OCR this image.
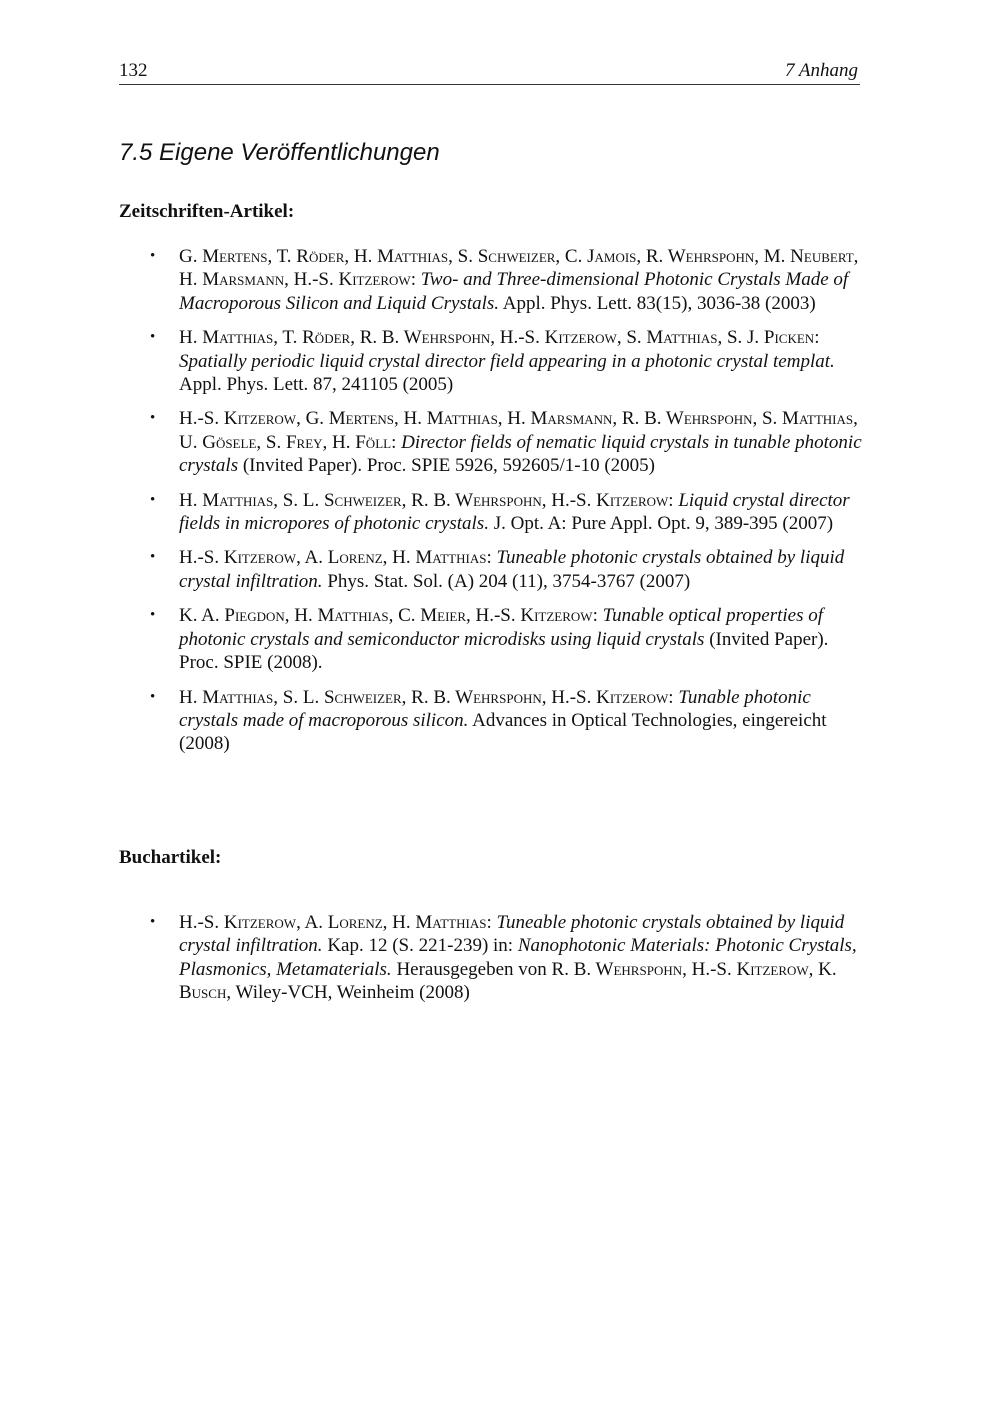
132	7 Anhang
7.5 Eigene Veröffentlichungen
Zeitschriften-Artikel:
• G. Mertens, T. Röder, H. Matthias, S. Schweizer, C. Jamois, R. Wehrspohn, M. Neubert, H. Marsmann, H.-S. Kitzerow: Two- and Three-dimensional Photonic Crystals Made of Macroporous Silicon and Liquid Crystals. Appl. Phys. Lett. 83(15), 3036-38 (2003)
• H. Matthias, T. Röder, R. B. Wehrspohn, H.-S. Kitzerow, S. Matthias, S. J. Picken: Spatially periodic liquid crystal director field appearing in a photonic crystal templat. Appl. Phys. Lett. 87, 241105 (2005)
• H.-S. Kitzerow, G. Mertens, H. Matthias, H. Marsmann, R. B. Wehrspohn, S. Matthias, U. Gösele, S. Frey, H. Föll: Director fields of nematic liquid crystals in tunable photonic crystals (Invited Paper). Proc. SPIE 5926, 592605/1-10 (2005)
• H. Matthias, S. L. Schweizer, R. B. Wehrspohn, H.-S. Kitzerow: Liquid crystal director fields in micropores of photonic crystals. J. Opt. A: Pure Appl. Opt. 9, 389-395 (2007)
• H.-S. Kitzerow, A. Lorenz, H. Matthias: Tuneable photonic crystals obtained by liquid crystal infiltration. Phys. Stat. Sol. (A) 204 (11), 3754-3767 (2007)
• K. A. Piegdon, H. Matthias, C. Meier, H.-S. Kitzerow: Tunable optical properties of photonic crystals and semiconductor microdisks using liquid crystals (Invited Paper). Proc. SPIE (2008).
• H. Matthias, S. L. Schweizer, R. B. Wehrspohn, H.-S. Kitzerow: Tunable photonic crystals made of macroporous silicon. Advances in Optical Technologies, eingereicht (2008)
Buchartikel:
• H.-S. Kitzerow, A. Lorenz, H. Matthias: Tuneable photonic crystals obtained by liquid crystal infiltration. Kap. 12 (S. 221-239) in: Nanophotonic Materials: Photonic Crystals, Plasmonics, Metamaterials. Herausgegeben von R. B. Wehrspohn, H.-S. Kitzerow, K. Busch, Wiley-VCH, Weinheim (2008)
